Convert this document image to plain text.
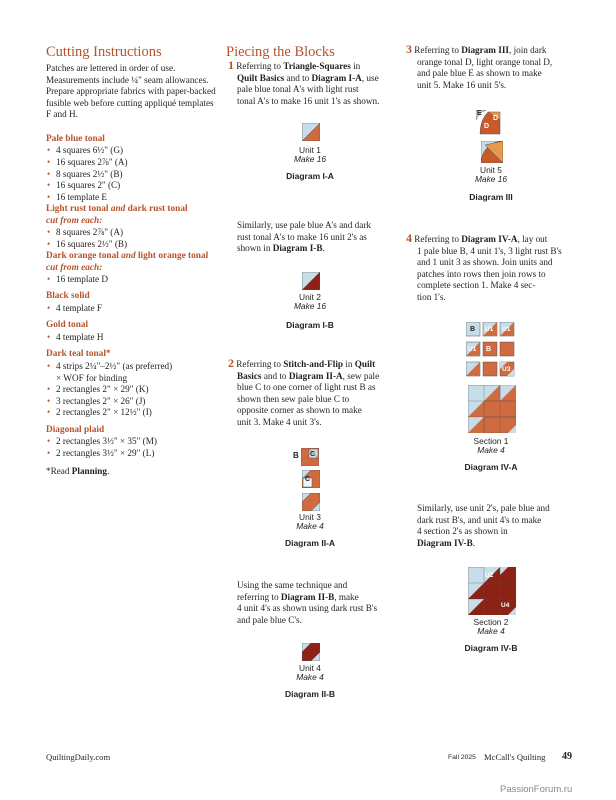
Cutting Instructions
Patches are lettered in order of use. Measurements include ¼" seam allowances. Prepare appropriate fabrics with paper-backed fusible web before cutting appliqué templates F and H.
Pale blue tonal
• 4 squares 6½" (G)
• 16 squares 2⅞" (A)
• 8 squares 2½" (B)
• 16 squares 2" (C)
• 16 template E
Light rust tonal and dark rust tonal
cut from each:
• 8 squares 2⅞" (A)
• 16 squares 2½" (B)
Dark orange tonal and light orange tonal
cut from each:
• 16 template D
Black solid
• 4 template F
Gold tonal
• 4 template H
Dark teal tonal*
• 4 strips 2¼"–2½" (as preferred)
× WOF for binding
• 2 rectangles 2" × 29" (K)
• 3 rectangles 2" × 26" (J)
• 2 rectangles 2" × 12½" (I)
Diagonal plaid
• 2 rectangles 3½" × 35" (M)
• 2 rectangles 3½" × 29" (L)
*Read Planning.
Piecing the Blocks
1 Referring to Triangle-Squares in
Quilt Basics and to Diagram I-A, use
pale blue tonal A's with light rust
tonal A's to make 16 unit 1's as shown.
Unit 1
Make 16
Diagram I-A
Similarly, use pale blue A's and dark
rust tonal A's to make 16 unit 2's as
shown in Diagram I-B.
Unit 2
Make 16
Diagram I-B
2 Referring to Stitch-and-Flip in Quilt
Basics and to Diagram II-A, sew pale
blue C to one corner of light rust B as
shown then sew pale blue C to
opposite corner as shown to make
unit 3. Make 4 unit 3's.
B C
C
Unit 3
Make 4
Diagram II-A
Using the same technique and
referring to Diagram II-B, make
4 unit 4's as shown using dark rust B's
and pale blue C's.
Unit 4
Make 4
Diagram II-B
3 Referring to Diagram III, join dark
orange tonal D, light orange tonal D,
and pale blue E as shown to make
unit 5. Make 16 unit 5's.
E
D
D
Unit 5
Make 16
Diagram III
4 Referring to Diagram IV-A, lay out
1 pale blue B, 4 unit 1's, 3 light rust B's
and 1 unit 3 as shown. Join units and
patches into rows then join rows to
complete section 1. Make 4 sec-
tion 1's.
B U1 U1
U1 B
U3
Section 1
Make 4
Diagram IV-A
Similarly, use unit 2's, pale blue and
dark rust B's, and unit 4's to make
4 section 2's as shown in
Diagram IV-B.
U2
U4
Section 2
Make 4
Diagram IV-B
QuiltingDaily.com	Fall 2025 McCall's Quilting 49
PassionForum.ru
